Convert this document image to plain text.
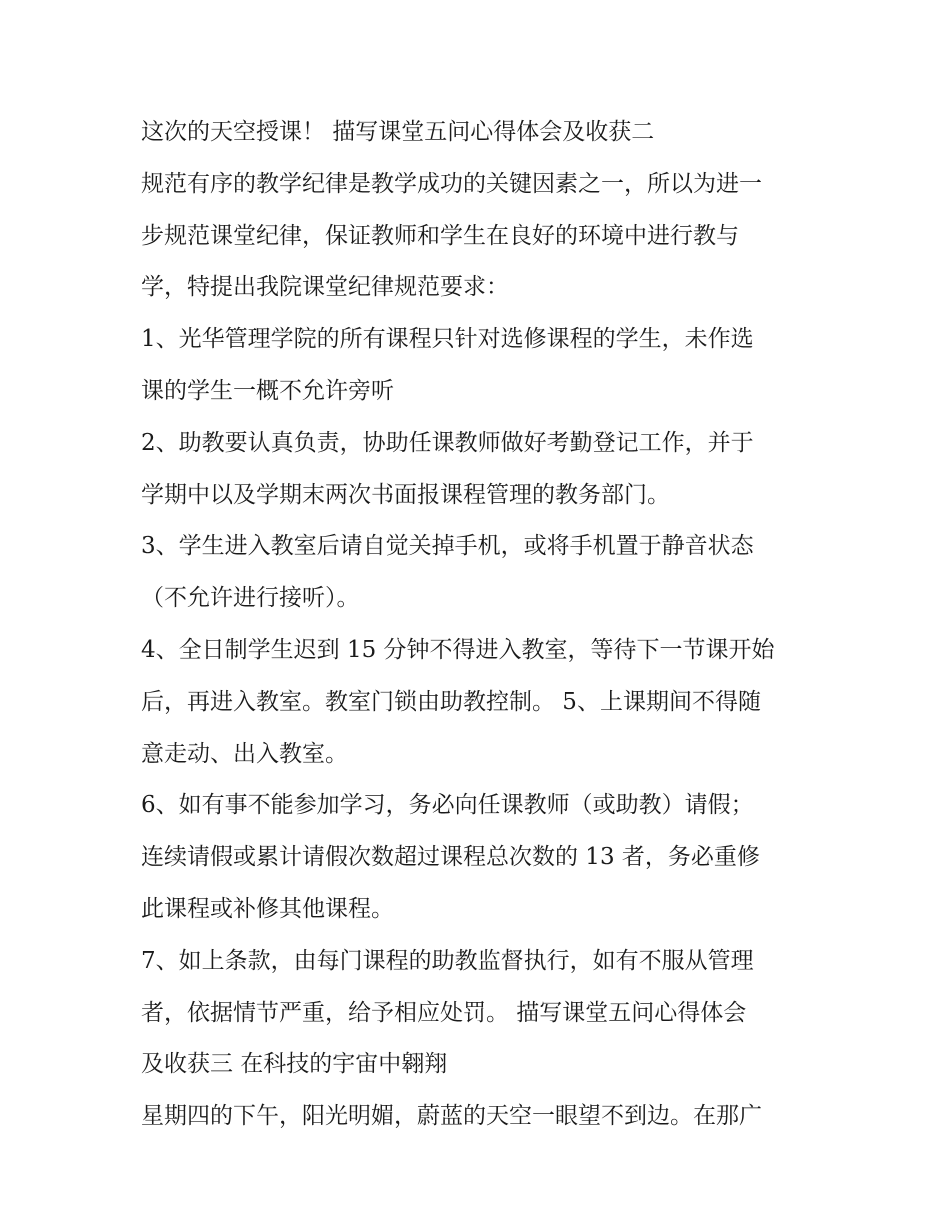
这次的天空授课！ 描写课堂五问心得体会及收获二
规范有序的教学纪律是教学成功的关键因素之一，所以为进一
步规范课堂纪律，保证教师和学生在良好的环境中进行教与
学，特提出我院课堂纪律规范要求：
1、光华管理学院的所有课程只针对选修课程的学生，未作选
课的学生一概不允许旁听
2、助教要认真负责，协助任课教师做好考勤登记工作，并于
学期中以及学期末两次书面报课程管理的教务部门。
3、学生进入教室后请自觉关掉手机，或将手机置于静音状态
（不允许进行接听）。
4、全日制学生迟到 15 分钟不得进入教室，等待下一节课开始
后，再进入教室。教室门锁由助教控制。 5、上课期间不得随
意走动、出入教室。
6、如有事不能参加学习，务必向任课教师（或助教）请假；
连续请假或累计请假次数超过课程总次数的 13 者，务必重修
此课程或补修其他课程。
7、如上条款，由每门课程的助教监督执行，如有不服从管理
者，依据情节严重，给予相应处罚。 描写课堂五问心得体会
及收获三 在科技的宇宙中翱翔
星期四的下午，阳光明媚，蔚蓝的天空一眼望不到边。在那广
